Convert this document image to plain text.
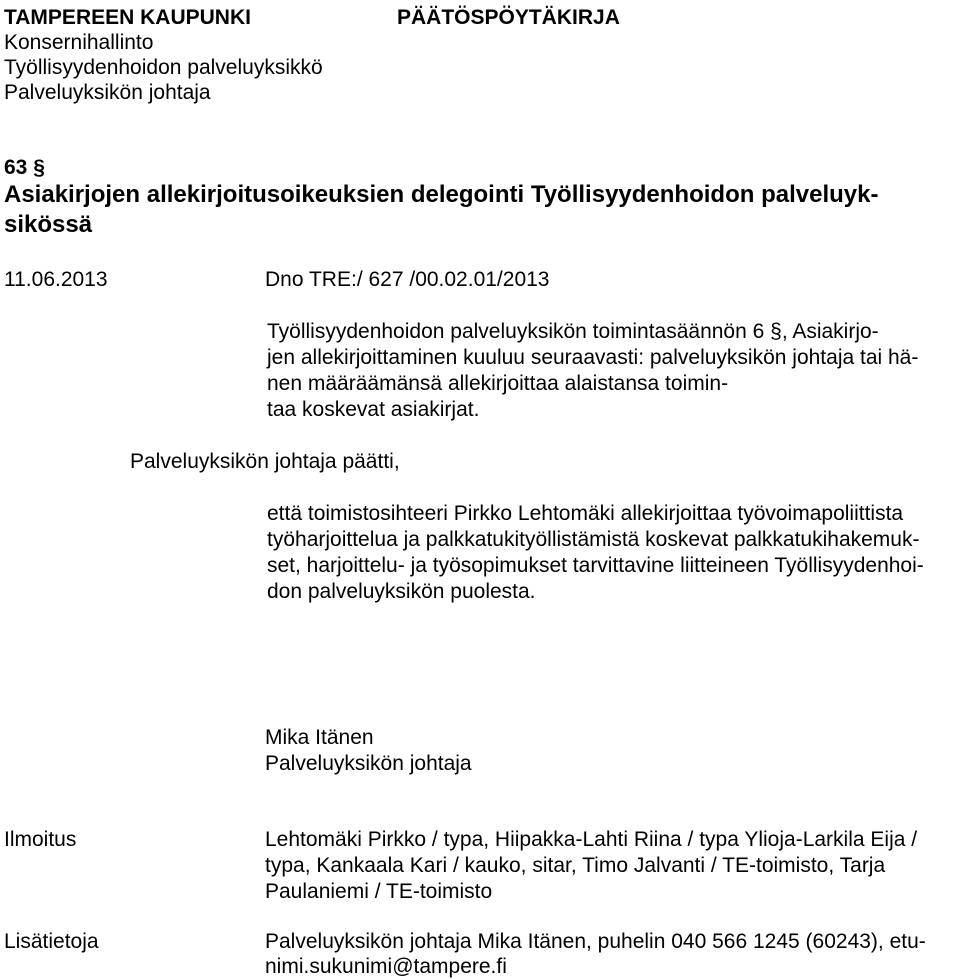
TAMPEREEN KAUPUNKI	PÄÄTÖSPÖYTÄKIRJA
Konsernihallinto
Työllisyydenhoidon palveluyksikkö
Palveluyksikön johtaja
63 §
Asiakirjojen allekirjoitusoikeuksien delegointi Työllisyydenhoidon palveluyk-
sikössä
11.06.2013	Dno TRE:/ 627 /00.02.01/2013
Työllisyydenhoidon palveluyksikön toimintasäännön 6 §, Asiakirjo-
jen allekirjoittaminen kuuluu seuraavasti: palveluyksikön johtaja tai hä-
nen määräämänsä allekirjoittaa alaistansa toimin-
taa koskevat asiakirjat.
Palveluyksikön johtaja päätti,
että toimistosihteeri Pirkko Lehtomäki allekirjoittaa työvoimapoliittista
työharjoittelua ja palkkatukityöllistämistä koskevat palkkatukihakemuk-
set, harjoittelu- ja työsopimukset tarvittavine liitteineen Työllisyydenhoi-
don palveluyksikön puolesta.
Mika Itänen
Palveluyksikön johtaja
Ilmoitus	Lehtomäki Pirkko / typa, Hiipakka-Lahti Riina / typa Ylioja-Larkila Eija /
typa, Kankaala Kari / kauko, sitar, Timo Jalvanti / TE-toimisto, Tarja
Paulaniemi / TE-toimisto
Lisätietoja	Palveluyksikön johtaja Mika Itänen, puhelin 040 566 1245 (60243), etu-
nimi.sukunimi@tampere.fi
